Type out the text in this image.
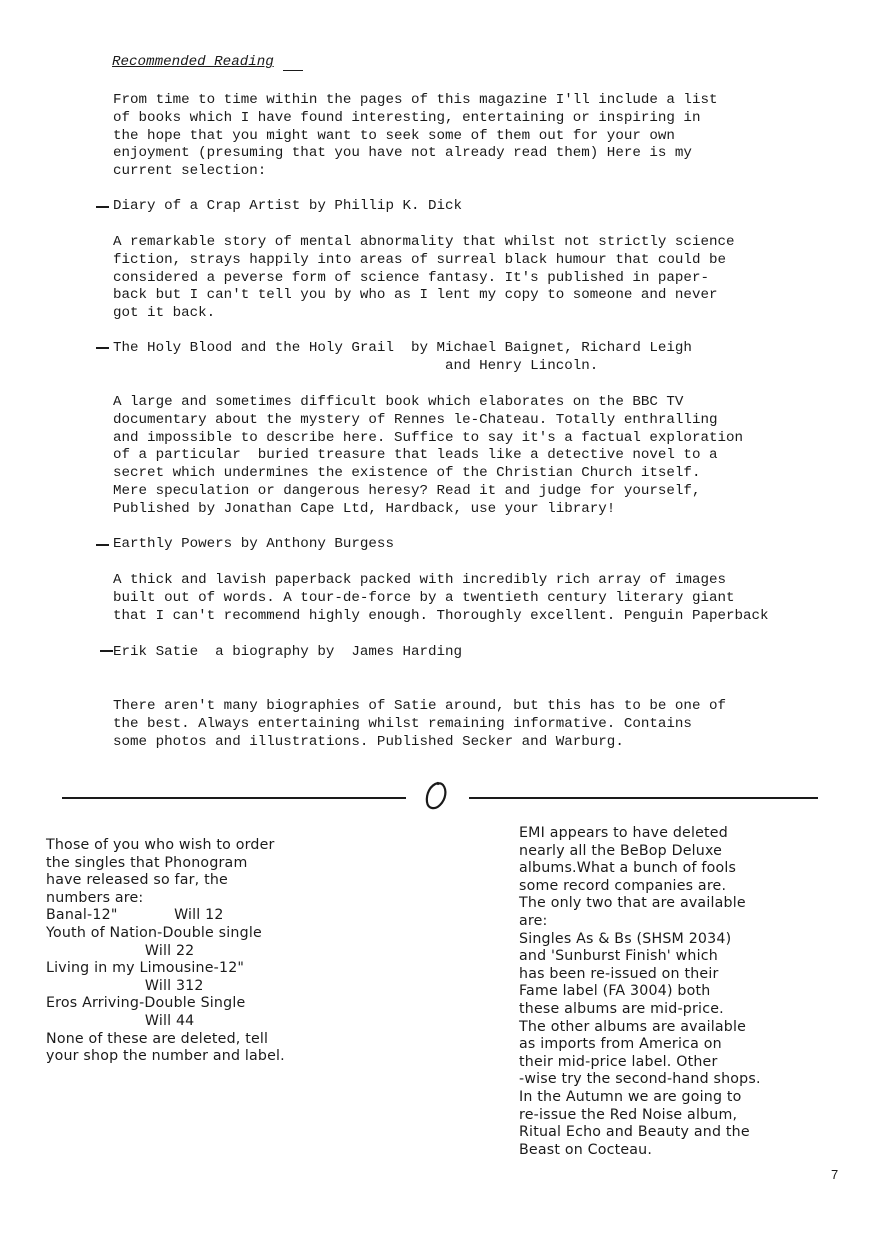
Recommended Reading

From time to time within the pages of this magazine I'll include a list
of books which I have found interesting, entertaining or inspiring in
the hope that you might want to seek some of them out for your own
enjoyment (presuming that you have not already read them) Here is my
current selection:

Diary of a Crap Artist by Phillip K. Dick

A remarkable story of mental abnormality that whilst not strictly science
fiction, strays happily into areas of surreal black humour that could be
considered a peverse form of science fantasy. It's published in paper-
back but I can't tell you by who as I lent my copy to someone and never
got it back.

The Holy Blood and the Holy Grail  by Michael Baignet, Richard Leigh
and Henry Lincoln.

A large and sometimes difficult book which elaborates on the BBC TV
documentary about the mystery of Rennes le-Chateau. Totally enthralling
and impossible to describe here. Suffice to say it's a factual exploration
of a particular  buried treasure that leads like a detective novel to a
secret which undermines the existence of the Christian Church itself.
Mere speculation or dangerous heresy? Read it and judge for yourself,
Published by Jonathan Cape Ltd, Hardback, use your library!

Earthly Powers by Anthony Burgess

A thick and lavish paperback packed with incredibly rich array of images
built out of words. A tour-de-force by a twentieth century literary giant
that I can't recommend highly enough. Thoroughly excellent. Penguin Paperback

Erik Satie  a biography by  James Harding

There aren't many biographies of Satie around, but this has to be one of
the best. Always entertaining whilst remaining informative. Contains
some photos and illustrations. Published Secker and Warburg.

Those of you who wish to order
the singles that Phonogram
have released so far, the
numbers are:
Banal-12"            Will 12
Youth of Nation-Double single
Will 22
Living in my Limousine-12"
Will 312
Eros Arriving-Double Single
Will 44
None of these are deleted, tell
your shop the number and label.

EMI appears to have deleted
nearly all the BeBop Deluxe
albums.What a bunch of fools
some record companies are.
The only two that are available
are:
Singles As & Bs (SHSM 2034)
and 'Sunburst Finish' which
has been re-issued on their
Fame label (FA 3004) both
these albums are mid-price.
The other albums are available
as imports from America on
their mid-price label. Other
-wise try the second-hand shops.
In the Autumn we are going to
re-issue the Red Noise album,
Ritual Echo and Beauty and the
Beast on Cocteau.

7
